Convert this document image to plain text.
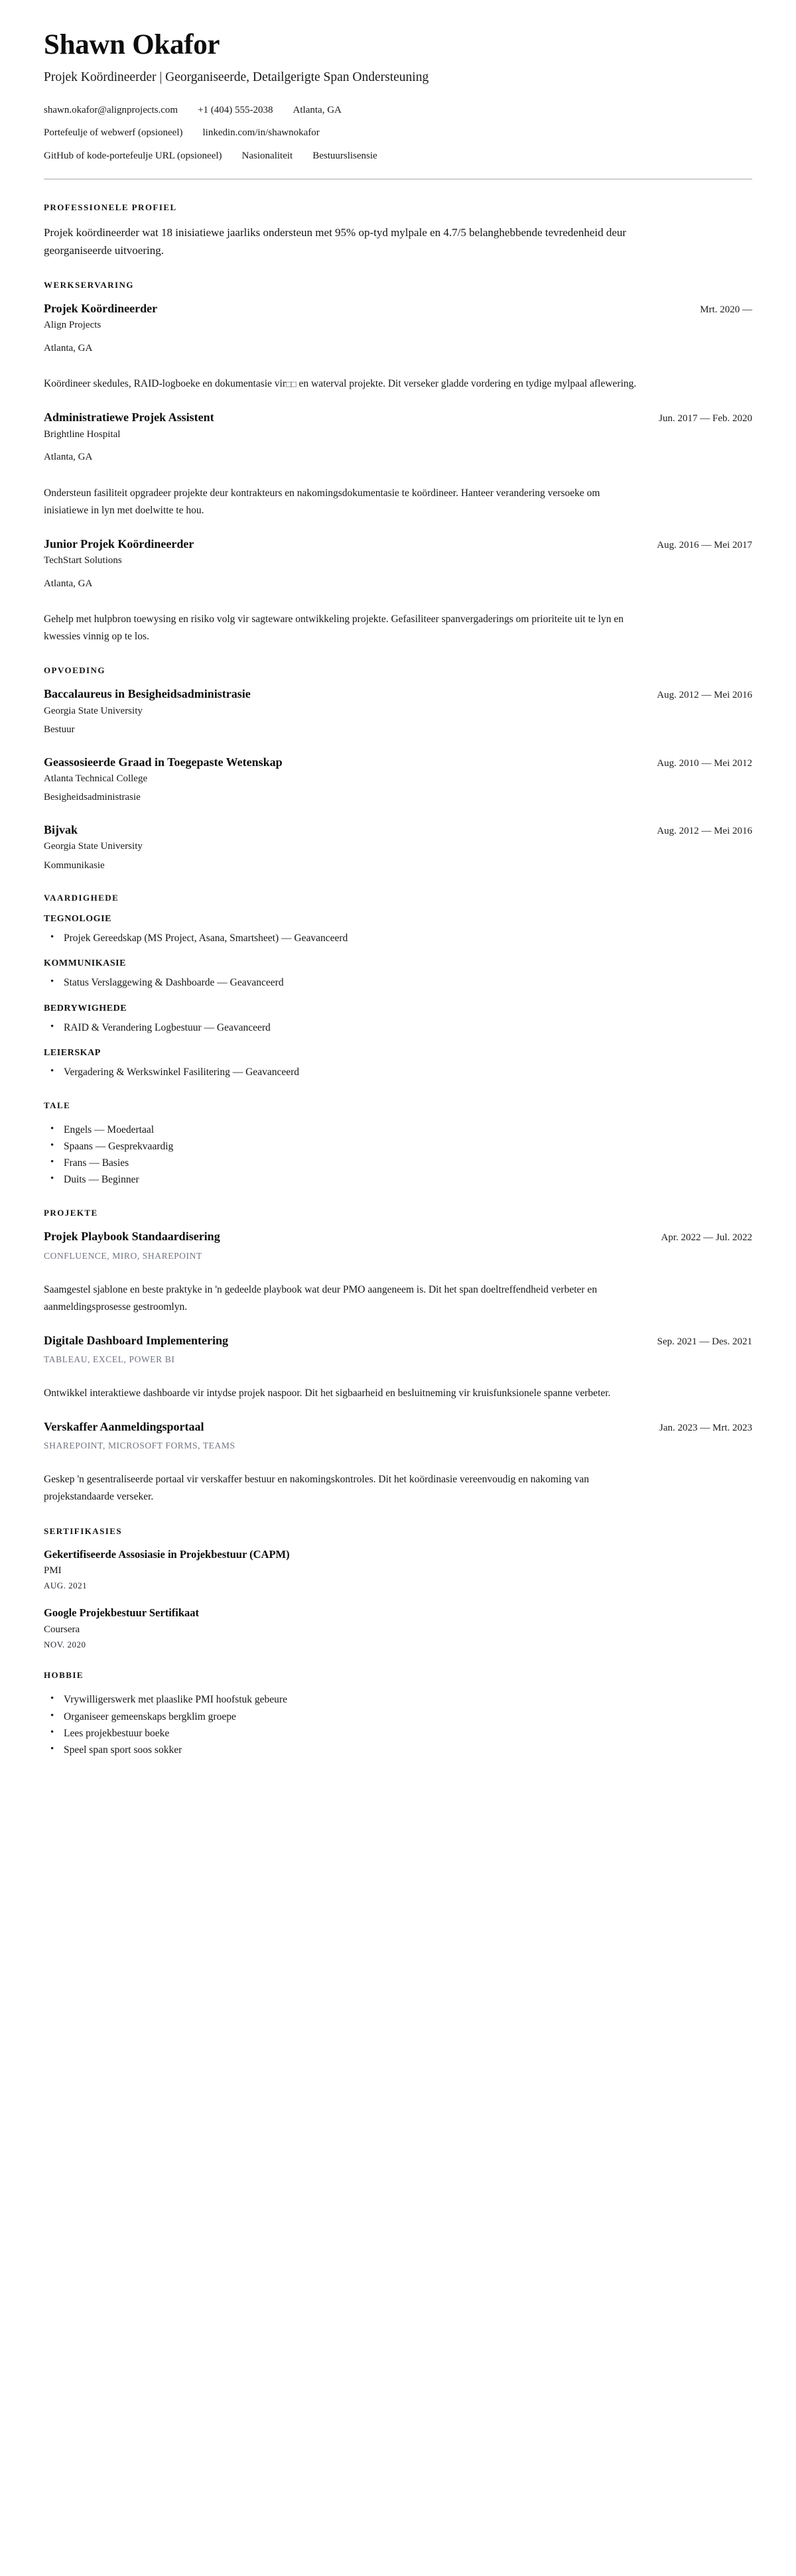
Shawn Okafor
Projek Koördineerder | Georganiseerde, Detailgerigte Span Ondersteuning
shawn.okafor@alignprojects.com +1 (404) 555-2038 Atlanta, GA
Portefeulje of webwerf (opsioneel) linkedin.com/in/shawnokafor
GitHub of kode-portefeulje URL (opsioneel) Nasionaliteit Bestuurslisensie
PROFESSIONELE PROFIEL

Projek koördineerder wat 18 inisiatiewe jaarliks ondersteun met 95% op-tyd mylpale en 4.7/5 belanghebbende tevredenheid deur georganiseerde uitvoering.

WERKSERVARING
Projek Koördineerder	Mrt. 2020 —
Align Projects
Atlanta, GA
Koördineer skedules, RAID-logboeke en dokumentasie vir⬚⬚ en waterval projekte. Dit verseker gladde vordering en tydige mylpaal aflewering.
Administratiewe Projek Assistent	Jun. 2017 — Feb. 2020
Brightline Hospital
Atlanta, GA
Ondersteun fasiliteit opgradeer projekte deur kontrakteurs en nakomingsdokumentasie te koördineer. Hanteer verandering versoeke om inisiatiewe in lyn met doelwitte te hou.
Junior Projek Koördineerder	Aug. 2016 — Mei 2017
TechStart Solutions
Atlanta, GA
Gehelp met hulpbron toewysing en risiko volg vir sagteware ontwikkeling projekte. Gefasiliteer spanvergaderings om prioriteite uit te lyn en kwessies vinnig op te los.
OPVOEDING
Baccalaureus in Besigheidsadministrasie	Aug. 2012 — Mei 2016
Georgia State University
Bestuur
Geassosieerde Graad in Toegepaste Wetenskap	Aug. 2010 — Mei 2012
Atlanta Technical College
Besigheidsadministrasie
Bijvak	Aug. 2012 — Mei 2016
Georgia State University
Kommunikasie
VAARDIGHEDE
TEGNOLOGIE
• Projek Gereedskap (MS Project, Asana, Smartsheet) — Geavanceerd
KOMMUNIKASIE
• Status Verslaggewing & Dashboarde — Geavanceerd
BEDRYWIGHEDE
• RAID & Verandering Logbestuur — Geavanceerd
LEIERSKAP
• Vergadering & Werkswinkel Fasilitering — Geavanceerd
TALE
• Engels — Moedertaal
• Spaans — Gesprekvaardig
• Frans — Basies
• Duits — Beginner
PROJEKTE
Projek Playbook Standaardisering	Apr. 2022 — Jul. 2022
CONFLUENCE, MIRO, SHAREPOINT
Saamgestel sjablone en beste praktyke in 'n gedeelde playbook wat deur PMO aangeneem is. Dit het span doeltreffendheid verbeter en aanmeldingsprosesse gestroomlyn.
Digitale Dashboard Implementering	Sep. 2021 — Des. 2021
TABLEAU, EXCEL, POWER BI
Ontwikkel interaktiewe dashboarde vir intydse projek naspoor. Dit het sigbaarheid en besluitneming vir kruisfunksionele spanne verbeter.
Verskaffer Aanmeldingsportaal	Jan. 2023 — Mrt. 2023
SHAREPOINT, MICROSOFT FORMS, TEAMS
Geskep 'n gesentraliseerde portaal vir verskaffer bestuur en nakomingskontroles. Dit het koördinasie vereenvoudig en nakoming van projekstandaarde verseker.
SERTIFIKASIES
Gekertifiseerde Assosiasie in Projekbestuur (CAPM)
PMI
AUG. 2021
Google Projekbestuur Sertifikaat
Coursera
NOV. 2020
HOBBIE
• Vrywilligerswerk met plaaslike PMI hoofstuk gebeure
• Organiseer gemeenskaps bergklim groepe
• Lees projekbestuur boeke
• Speel span sport soos sokker
